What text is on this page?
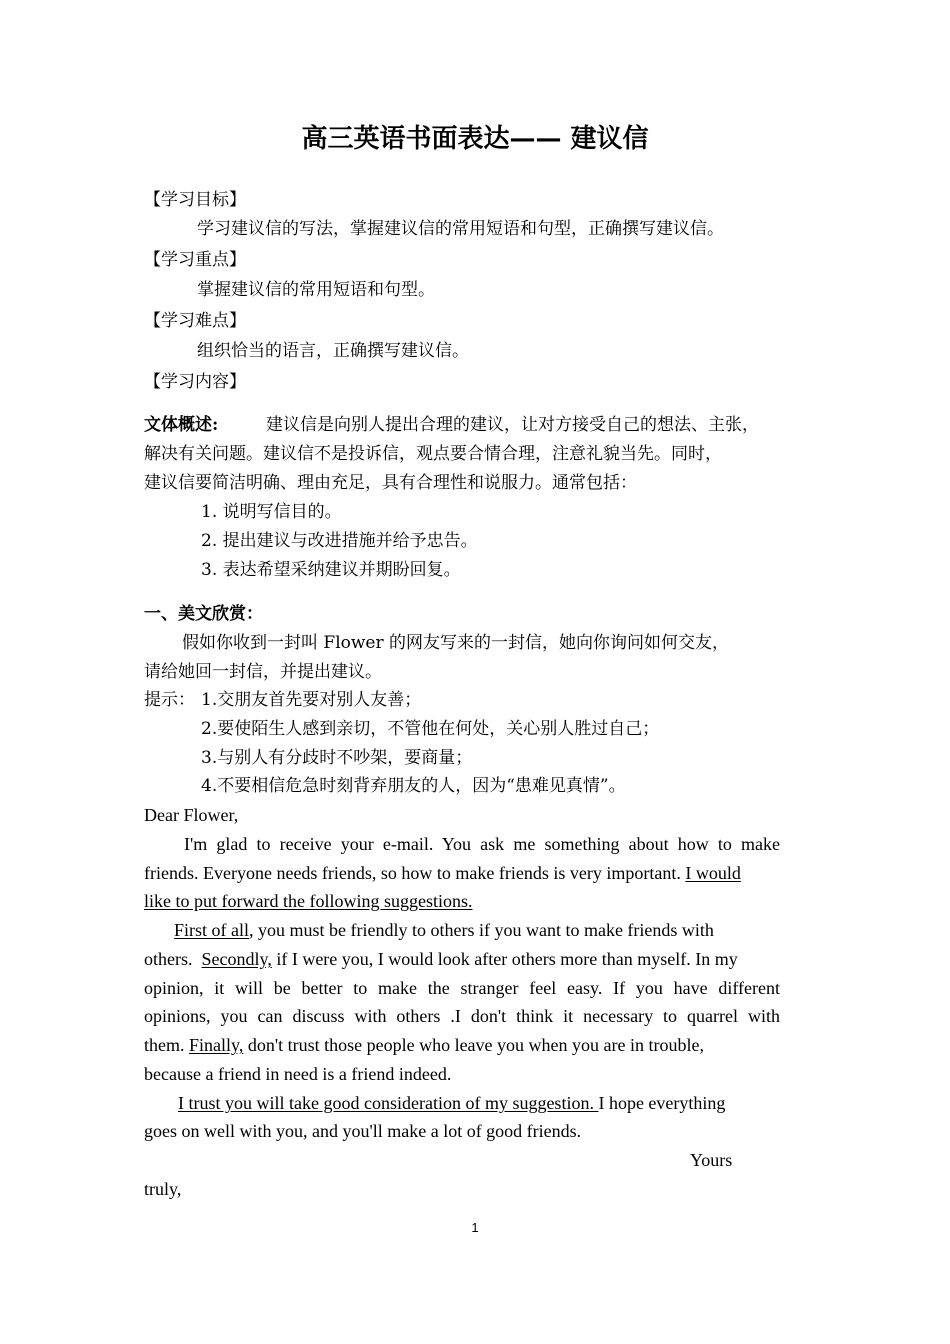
高三英语书面表达—— 建议信
【学习目标】
学习建议信的写法，掌握建议信的常用短语和句型，正确撰写建议信。
【学习重点】
掌握建议信的常用短语和句型。
【学习难点】
组织恰当的语言，正确撰写建议信。
【学习内容】
文体概述:	建议信是向别人提出合理的建议，让对方接受自己的想法、主张，
解决有关问题。建议信不是投诉信，观点要合情合理，注意礼貌当先。同时，
建议信要简洁明确、理由充足，具有合理性和说服力。通常包括：
1. 说明写信目的。
2. 提出建议与改进措施并给予忠告。
3. 表达希望采纳建议并期盼回复。
一、美文欣赏：
假如你收到一封叫 Flower 的网友写来的一封信，她向你询问如何交友，
请给她回一封信，并提出建议。
提示： 1.交朋友首先要对别人友善；
2.要使陌生人感到亲切，不管他在何处，关心别人胜过自己；
3.与别人有分歧时不吵架，要商量；
4.不要相信危急时刻背弃朋友的人，因为“患难见真情”。
Dear Flower,
I'm glad to receive your e-mail. You ask me something about how to make
friends. Everyone needs friends, so how to make friends is very important. I would
like to put forward the following suggestions.
First of all, you must be friendly to others if you want to make friends with
others.  Secondly, if I were you, I would look after others more than myself. In my
opinion, it will be better to make the stranger feel easy. If you have different
opinions, you can discuss with others .I don't think it necessary to quarrel with
them. Finally, don't trust those people who leave you when you are in trouble,
because a friend in need is a friend indeed.
I trust you will take good consideration of my suggestion. I hope everything
goes on well with you, and you'll make a lot of good friends.
Yours
truly,
1
